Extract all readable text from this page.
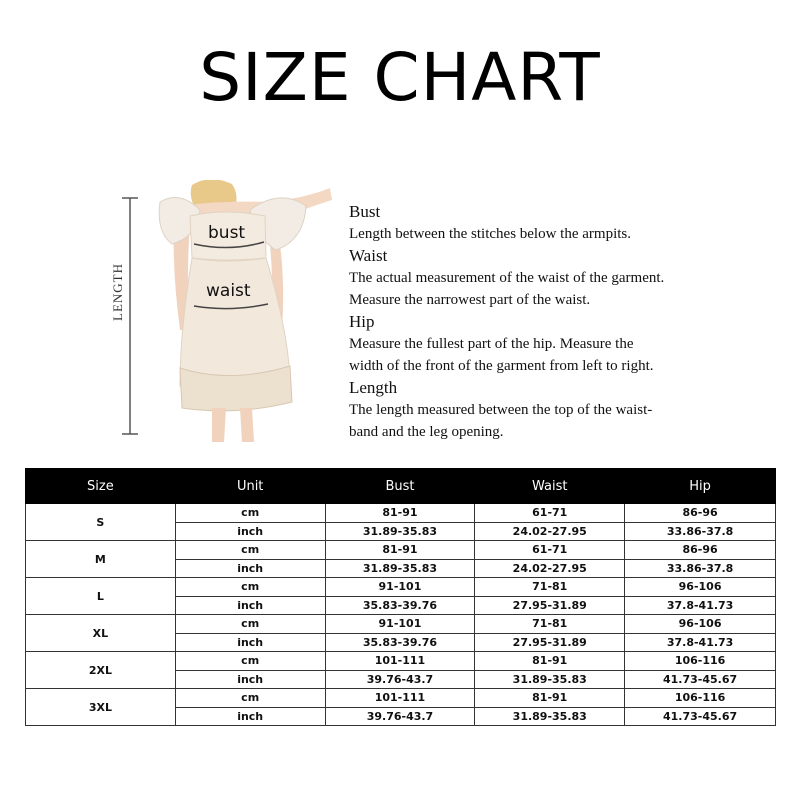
SIZE CHART
LENGTH
bust
waist
Bust
Length between the stitches below the armpits.
Waist
The actual measurement of the waist of the garment.
Measure the narrowest part of the waist.
Hip
Measure the fullest part of the hip. Measure the
width of the front of the garment from left to right.
Length
The length measured between the top of the waist-
band and the leg opening.
Size	Unit	Bust	Waist	Hip
S	cm	81-91	61-71	86-96
	inch	31.89-35.83	24.02-27.95	33.86-37.8
M	cm	81-91	61-71	86-96
	inch	31.89-35.83	24.02-27.95	33.86-37.8
L	cm	91-101	71-81	96-106
	inch	35.83-39.76	27.95-31.89	37.8-41.73
XL	cm	91-101	71-81	96-106
	inch	35.83-39.76	27.95-31.89	37.8-41.73
2XL	cm	101-111	81-91	106-116
	inch	39.76-43.7	31.89-35.83	41.73-45.67
3XL	cm	101-111	81-91	106-116
	inch	39.76-43.7	31.89-35.83	41.73-45.67
